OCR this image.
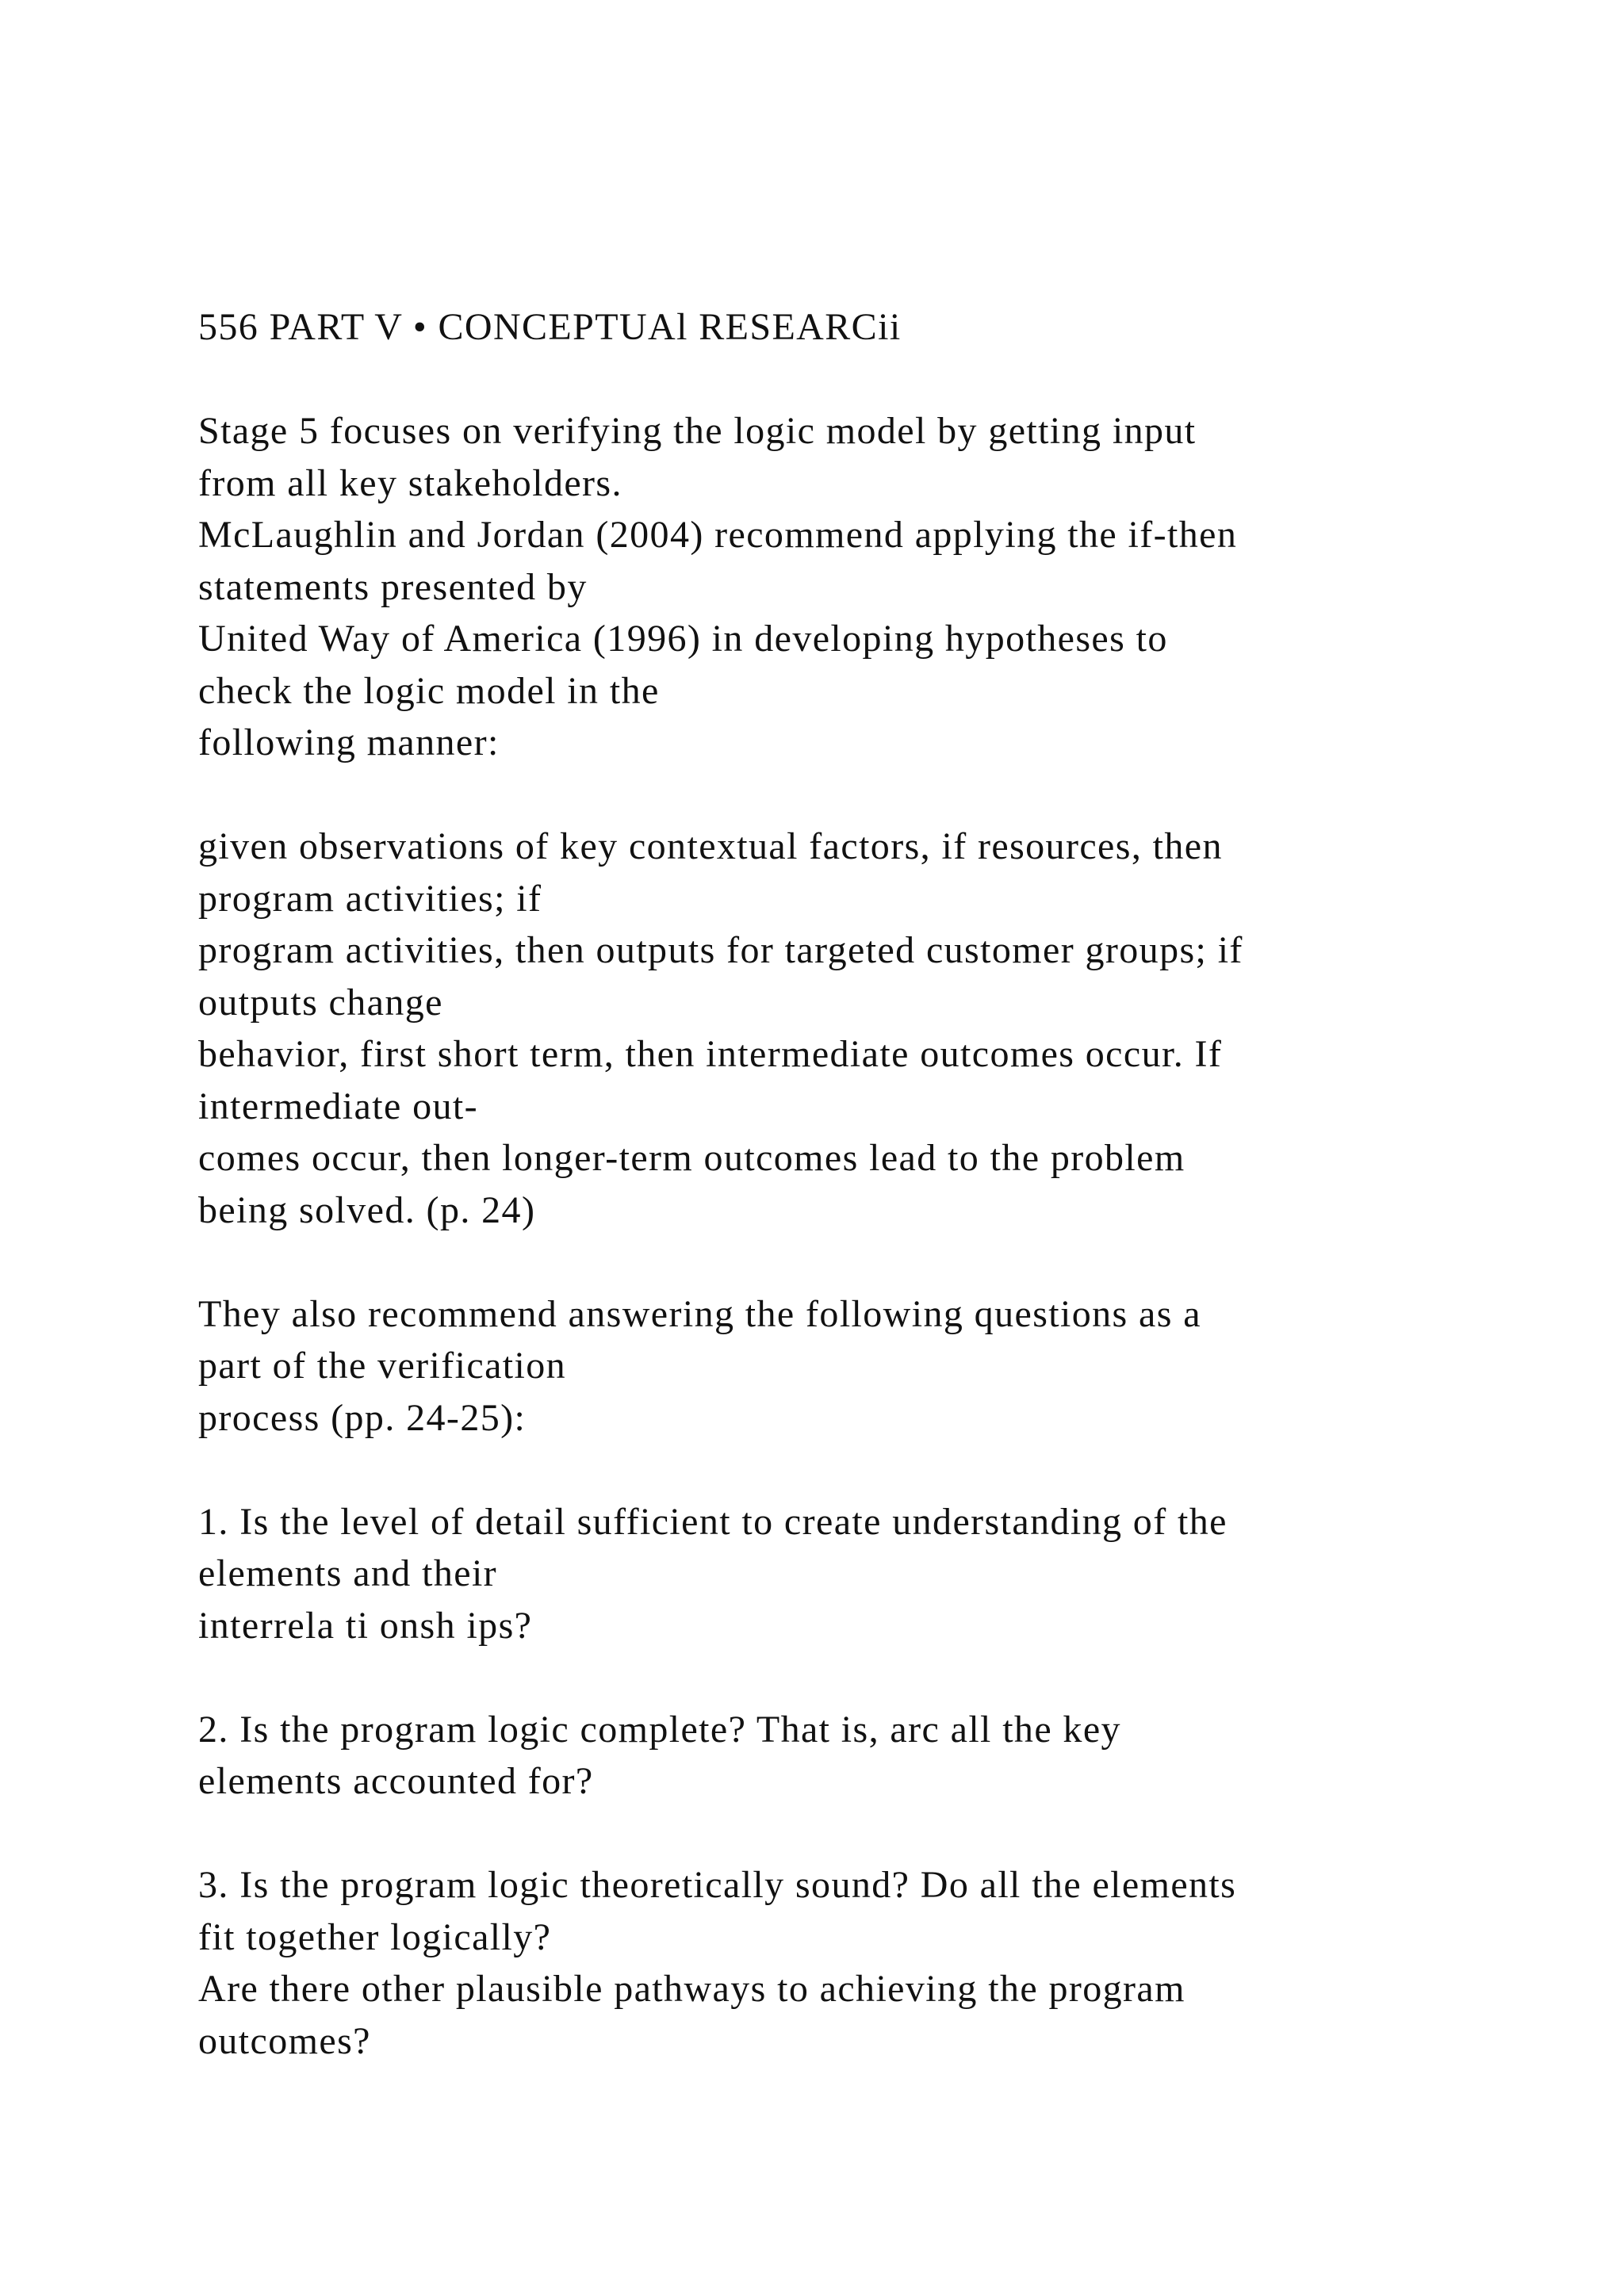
556 PART V • CONCEPTUAl RESEARCii
Stage 5 focuses on verifying the logic model by getting input
from all key stakeholders.
McLaughlin and Jordan (2004) recommend applying the if-then
statements presented by
United Way of America (1996) in developing hypotheses to
check the logic model in the
following manner:
given observations of key contextual factors, if resources, then
program activities; if
program activities, then outputs for targeted customer groups; if
outputs change
behavior, first short term, then intermediate outcomes occur. If
intermediate out-
comes occur, then longer-term outcomes lead to the problem
being solved. (p. 24)
They also recommend answering the following questions as a
part of the verification
process (pp. 24-25):
1. Is the level of detail sufficient to create understanding of the
elements and their
interrela ti onsh ips?
2. Is the program logic complete? That is, arc all the key
elements accounted for?
3. Is the program logic theoretically sound? Do all the elements
fit together logically?
Are there other plausible pathways to achieving the program
outcomes?
